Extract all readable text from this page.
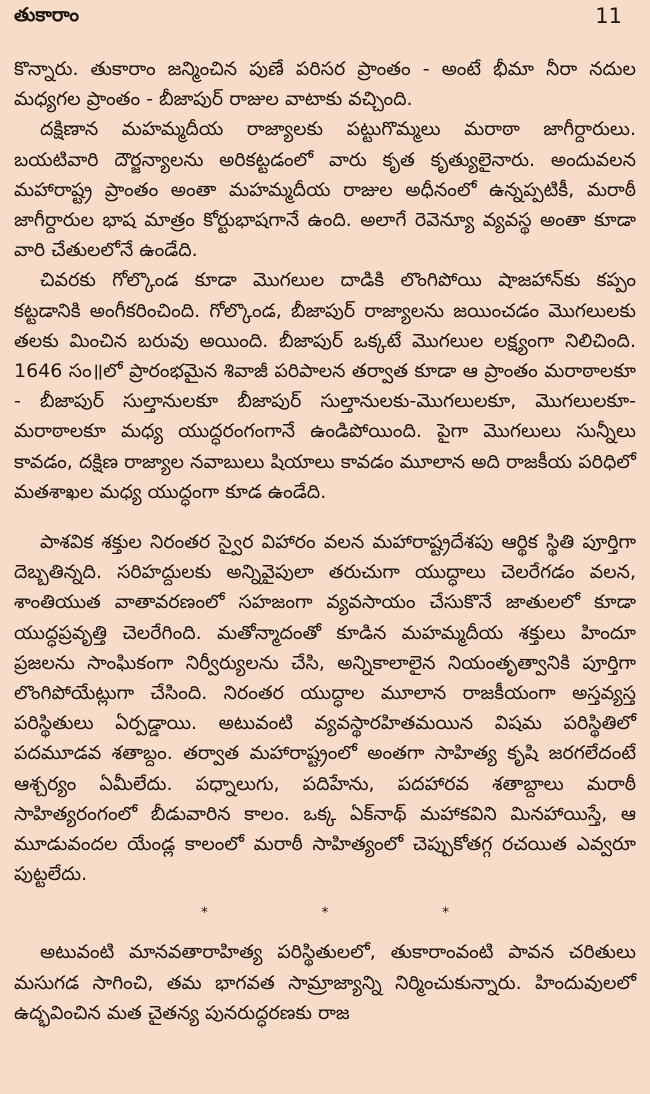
తుకారాం	11

కొన్నారు. తుకారాం జన్మించిన పుణే పరిసర ప్రాంతం - అంటే భీమా నీరా నదుల మధ్యగల ప్రాంతం - బీజాపుర్ రాజుల వాటాకు వచ్చింది.

దక్షిణాన మహమ్మదీయ రాజ్యాలకు పట్టుగొమ్మలు మరాఠా జాగీర్దారులు. బయటివారి దౌర్జన్యాలను అరికట్టడంలో వారు కృత కృత్యులైనారు. అందువలన మహారాష్ట్ర ప్రాంతం అంతా మహమ్మదీయ రాజుల అధీనంలో ఉన్నప్పటికీ, మరాఠీ జాగీర్దారుల భాష మాత్రం కోర్టుభాషగానే ఉంది. అలాగే రెవెన్యూ వ్యవస్థ అంతా కూడా వారి చేతులలోనే ఉండేది.

చివరకు గోల్కొండ కూడా మొగలుల దాడికి లొంగిపోయి షాజహాన్‌కు కప్పం కట్టడానికి అంగీకరించింది. గోల్కొండ, బీజాపుర్ రాజ్యాలను జయించడం మొగలులకు తలకు మించిన బరువు అయింది. బీజాపుర్ ఒక్కటే మొగలుల లక్ష్యంగా నిలిచింది. 1646 సం॥లో ప్రారంభమైన శివాజీ పరిపాలన తర్వాత కూడా ఆ ప్రాంతం మరాఠాలకూ - బీజాపుర్ సుల్తానులకూ బీజాపుర్ సుల్తానులకు-మొగలులకూ, మొగలులకూ-మరాఠాలకూ మధ్య యుద్ధరంగంగానే ఉండిపోయింది. పైగా మొగలులు సున్నీలు కావడం, దక్షిణ రాజ్యాల నవాబులు షియాలు కావడం మూలాన అది రాజకీయ పరిధిలో మతశాఖల మధ్య యుద్ధంగా కూడ ఉండేది.

పాశవిక శక్తుల నిరంతర స్వైర విహారం వలన మహారాష్ట్రదేశపు ఆర్థిక స్థితి పూర్తిగా దెబ్బతిన్నది. సరిహద్దులకు అన్నివైపులా తరుచుగా యుద్ధాలు చెలరేగడం వలన, శాంతియుత వాతావరణంలో సహజంగా వ్యవసాయం చేసుకొనే జాతులలో కూడా యుద్ధప్రవృత్తి చెలరేగింది. మతోన్మాదంతో కూడిన మహమ్మదీయ శక్తులు హిందూ ప్రజలను సాంఘికంగా నిర్వీర్యులను చేసి, అన్నికాలాలైన నియంతృత్వానికి పూర్తిగా లొంగిపోయేట్లుగా చేసింది. నిరంతర యుద్ధాల మూలాన రాజకీయంగా అస్తవ్యస్త పరిస్థితులు ఏర్పడ్డాయి. అటువంటి వ్యవస్థారహితమయిన విషమ పరిస్థితిలో పదమూడవ శతాబ్దం. తర్వాత మహారాష్ట్రంలో అంతగా సాహిత్య కృషి జరగలేదంటే ఆశ్చర్యం ఏమీలేదు. పధ్నాలుగు, పదిహేను, పదహారవ శతాబ్దాలు మరాఠీ సాహిత్యరంగంలో బీడువారిన కాలం. ఒక్క ఏక్‌నాథ్ మహాకవిని మినహాయిస్తే, ఆ మూడువందల యేండ్ల కాలంలో మరాఠీ సాహిత్యంలో చెప్పుకోతగ్గ రచయిత ఎవ్వరూ పుట్టలేదు.

*	*	*

అటువంటి మానవతారాహిత్య పరిస్థితులలో, తుకారాంవంటి పావన చరితులు మసుగడ సాగించి, తమ భాగవత సామ్రాజ్యాన్ని నిర్మించుకున్నారు. హిందువులలో ఉద్భవించిన మత చైతన్య పునరుద్ధరణకు రాజ
